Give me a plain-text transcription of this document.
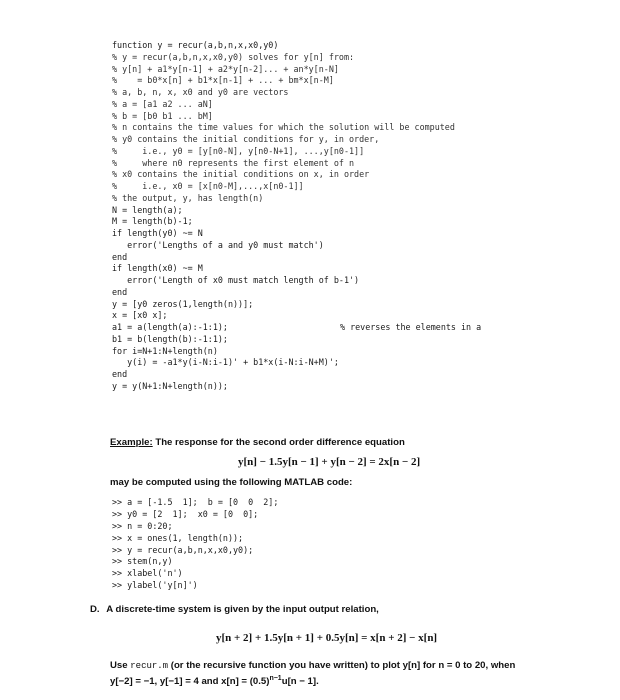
function y = recur(a,b,n,x,x0,y0)
% y = recur(a,b,n,x,x0,y0) solves for y[n] from:
% y[n] + a1*y[n-1] + a2*y[n-2]... + an*y[n-N]
%    = b0*x[n] + b1*x[n-1] + ... + bm*x[n-M]
% a, b, n, x, x0 and y0 are vectors
% a = [a1 a2 ... aN]
% b = [b0 b1 ... bM]
% n contains the time values for which the solution will be computed
% y0 contains the initial conditions for y, in order,
%     i.e., y0 = [y[n0-N], y[n0-N+1], ...,y[n0-1]]
%     where n0 represents the first element of n
% x0 contains the initial conditions on x, in order
%     i.e., x0 = [x[n0-M],...,x[n0-1]]
% the output, y, has length(n)
N = length(a);
M = length(b)-1;
if length(y0) ~= N
error('Lengths of a and y0 must match')
end
if length(x0) ~= M
error('Length of x0 must match length of b-1')
end
y = [y0 zeros(1,length(n))];
x = [x0 x];
a1 = a(length(a):-1:1);	% reverses the elements in a
b1 = b(length(b):-1:1);
for i=N+1:N+length(n)
y(i) = -a1*y(i-N:i-1)' + b1*x(i-N:i-N+M)';
end
y = y(N+1:N+length(n));
Example: The response for the second order difference equation
y[n] − 1.5y[n − 1] + y[n − 2] = 2x[n − 2]
may be computed using the following MATLAB code:
>> a = [-1.5  1];  b = [0  0  2];
>> y0 = [2  1];  x0 = [0  0];
>> n = 0:20;
>> x = ones(1, length(n));
>> y = recur(a,b,n,x,x0,y0);
>> stem(n,y)
>> xlabel('n')
>> ylabel('y[n]')
D. A discrete-time system is given by the input output relation,
y[n + 2] + 1.5y[n + 1] + 0.5y[n] = x[n + 2] − x[n]
Use recur.m (or the recursive function you have written) to plot y[n] for n = 0 to 20, when
y[−2] = −1, y[−1] = 4 and $x[n] = (0.5)^{n-1}u[n - 1]$.
